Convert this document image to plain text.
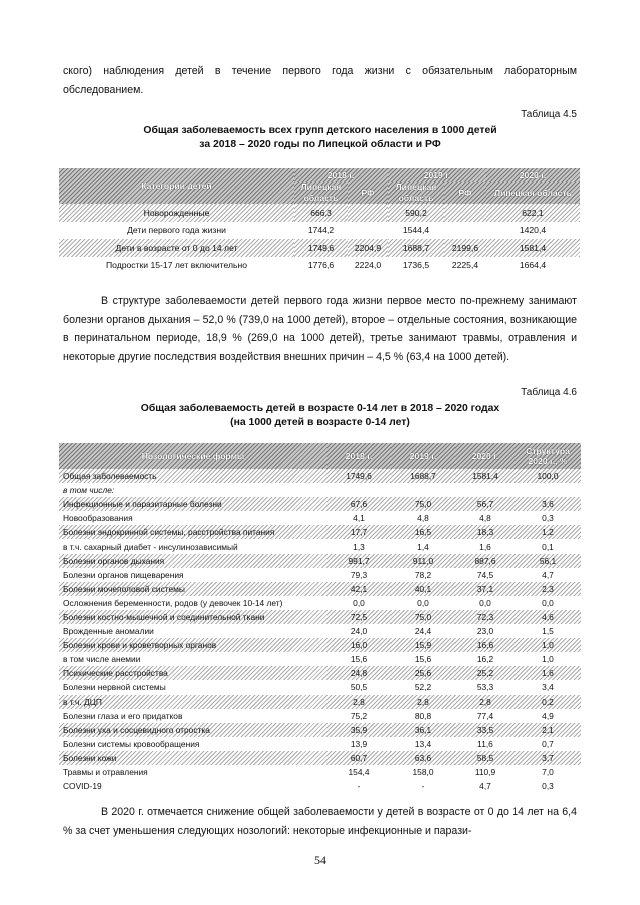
ского) наблюдения детей в течение первого года жизни с обязательным лабораторным обследованием.

Таблица 4.5
Общая заболеваемость всех групп детского населения в 1000 детей
за 2018 – 2020 годы по Липецкой области и РФ
Категории детей	2018 г.		2019 г.		2020 г.
	Липецкая область	РФ	Липецкая область	РФ	Липецкая область
Новорожденные	666,3		590,2		622,1
Дети первого года жизни	1744,2		1544,4		1420,4
Дети в возрасте от 0 до 14 лет	1749,6	2204,9	1688,7	2199,6	1581,4
Подростки 15-17 лет включительно	1776,6	2224,0	1736,5	2225,4	1664,4

В структуре заболеваемости детей первого года жизни первое место по-прежнему занимают болезни органов дыхания – 52,0 % (739,0 на 1000 детей), второе – отдельные состояния, возникающие в перинатальном периоде, 18,9 % (269,0 на 1000 детей), третье занимают травмы, отравления и некоторые другие последствия воздействия внешних причин – 4,5 % (63,4 на 1000 детей).

Таблица 4.6
Общая заболеваемость детей в возрасте 0-14 лет в 2018 – 2020 годах
(на 1000 детей в возрасте 0-14 лет)
Нозологические формы	2018 г.	2019 г.	2020 г.	Структура 2020 г., %
Общая заболеваемость	1749,6	1688,7	1581,4	100,0
в том числе:				
Инфекционные и паразитарные болезни	67,6	75,0	56,7	3,6
Новообразования	4,1	4,8	4,8	0,3
Болезни эндокринной системы, расстройства питания	17,7	16,5	18,3	1,2
в т.ч. сахарный диабет - инсулинозависимый	1,3	1,4	1,6	0,1
Болезни органов дыхания	991,7	911,0	887,6	56,1
Болезни органов пищеварения	79,3	78,2	74,5	4,7
Болезни мочеполовой системы	42,1	40,1	37,1	2,3
Осложнения беременности, родов (у девочек 10-14 лет)	0,0	0,0	0,0	0,0
Болезни костно-мышечной и соединительной ткани	72,5	75,0	72,3	4,6
Врожденные аномалии	24,0	24,4	23,0	1,5
Болезни крови и кроветворных органов	16,0	15,9	16,6	1,0
в том числе анемии	15,6	15,6	16,2	1,0
Психические расстройства	24,8	25,6	25,2	1,6
Болезни нервной системы	50,5	52,2	53,3	3,4
в т.ч. ДЦП	2,8	2,8	2,8	0,2
Болезни глаза и его придатков	75,2	80,8	77,4	4,9
Болезни уха и сосцевидного отростка	35,9	36,1	33,5	2,1
Болезни системы кровообращения	13,9	13,4	11,6	0,7
Болезни кожи	60,7	63,6	58,5	3,7
Травмы и отравления	154,4	158,0	110,9	7,0
COVID-19	-	-	4,7	0,3

В 2020 г. отмечается снижение общей заболеваемости у детей в возрасте от 0 до 14 лет на 6,4 % за счет уменьшения следующих нозологий: некоторые инфекционные и парази-

54
